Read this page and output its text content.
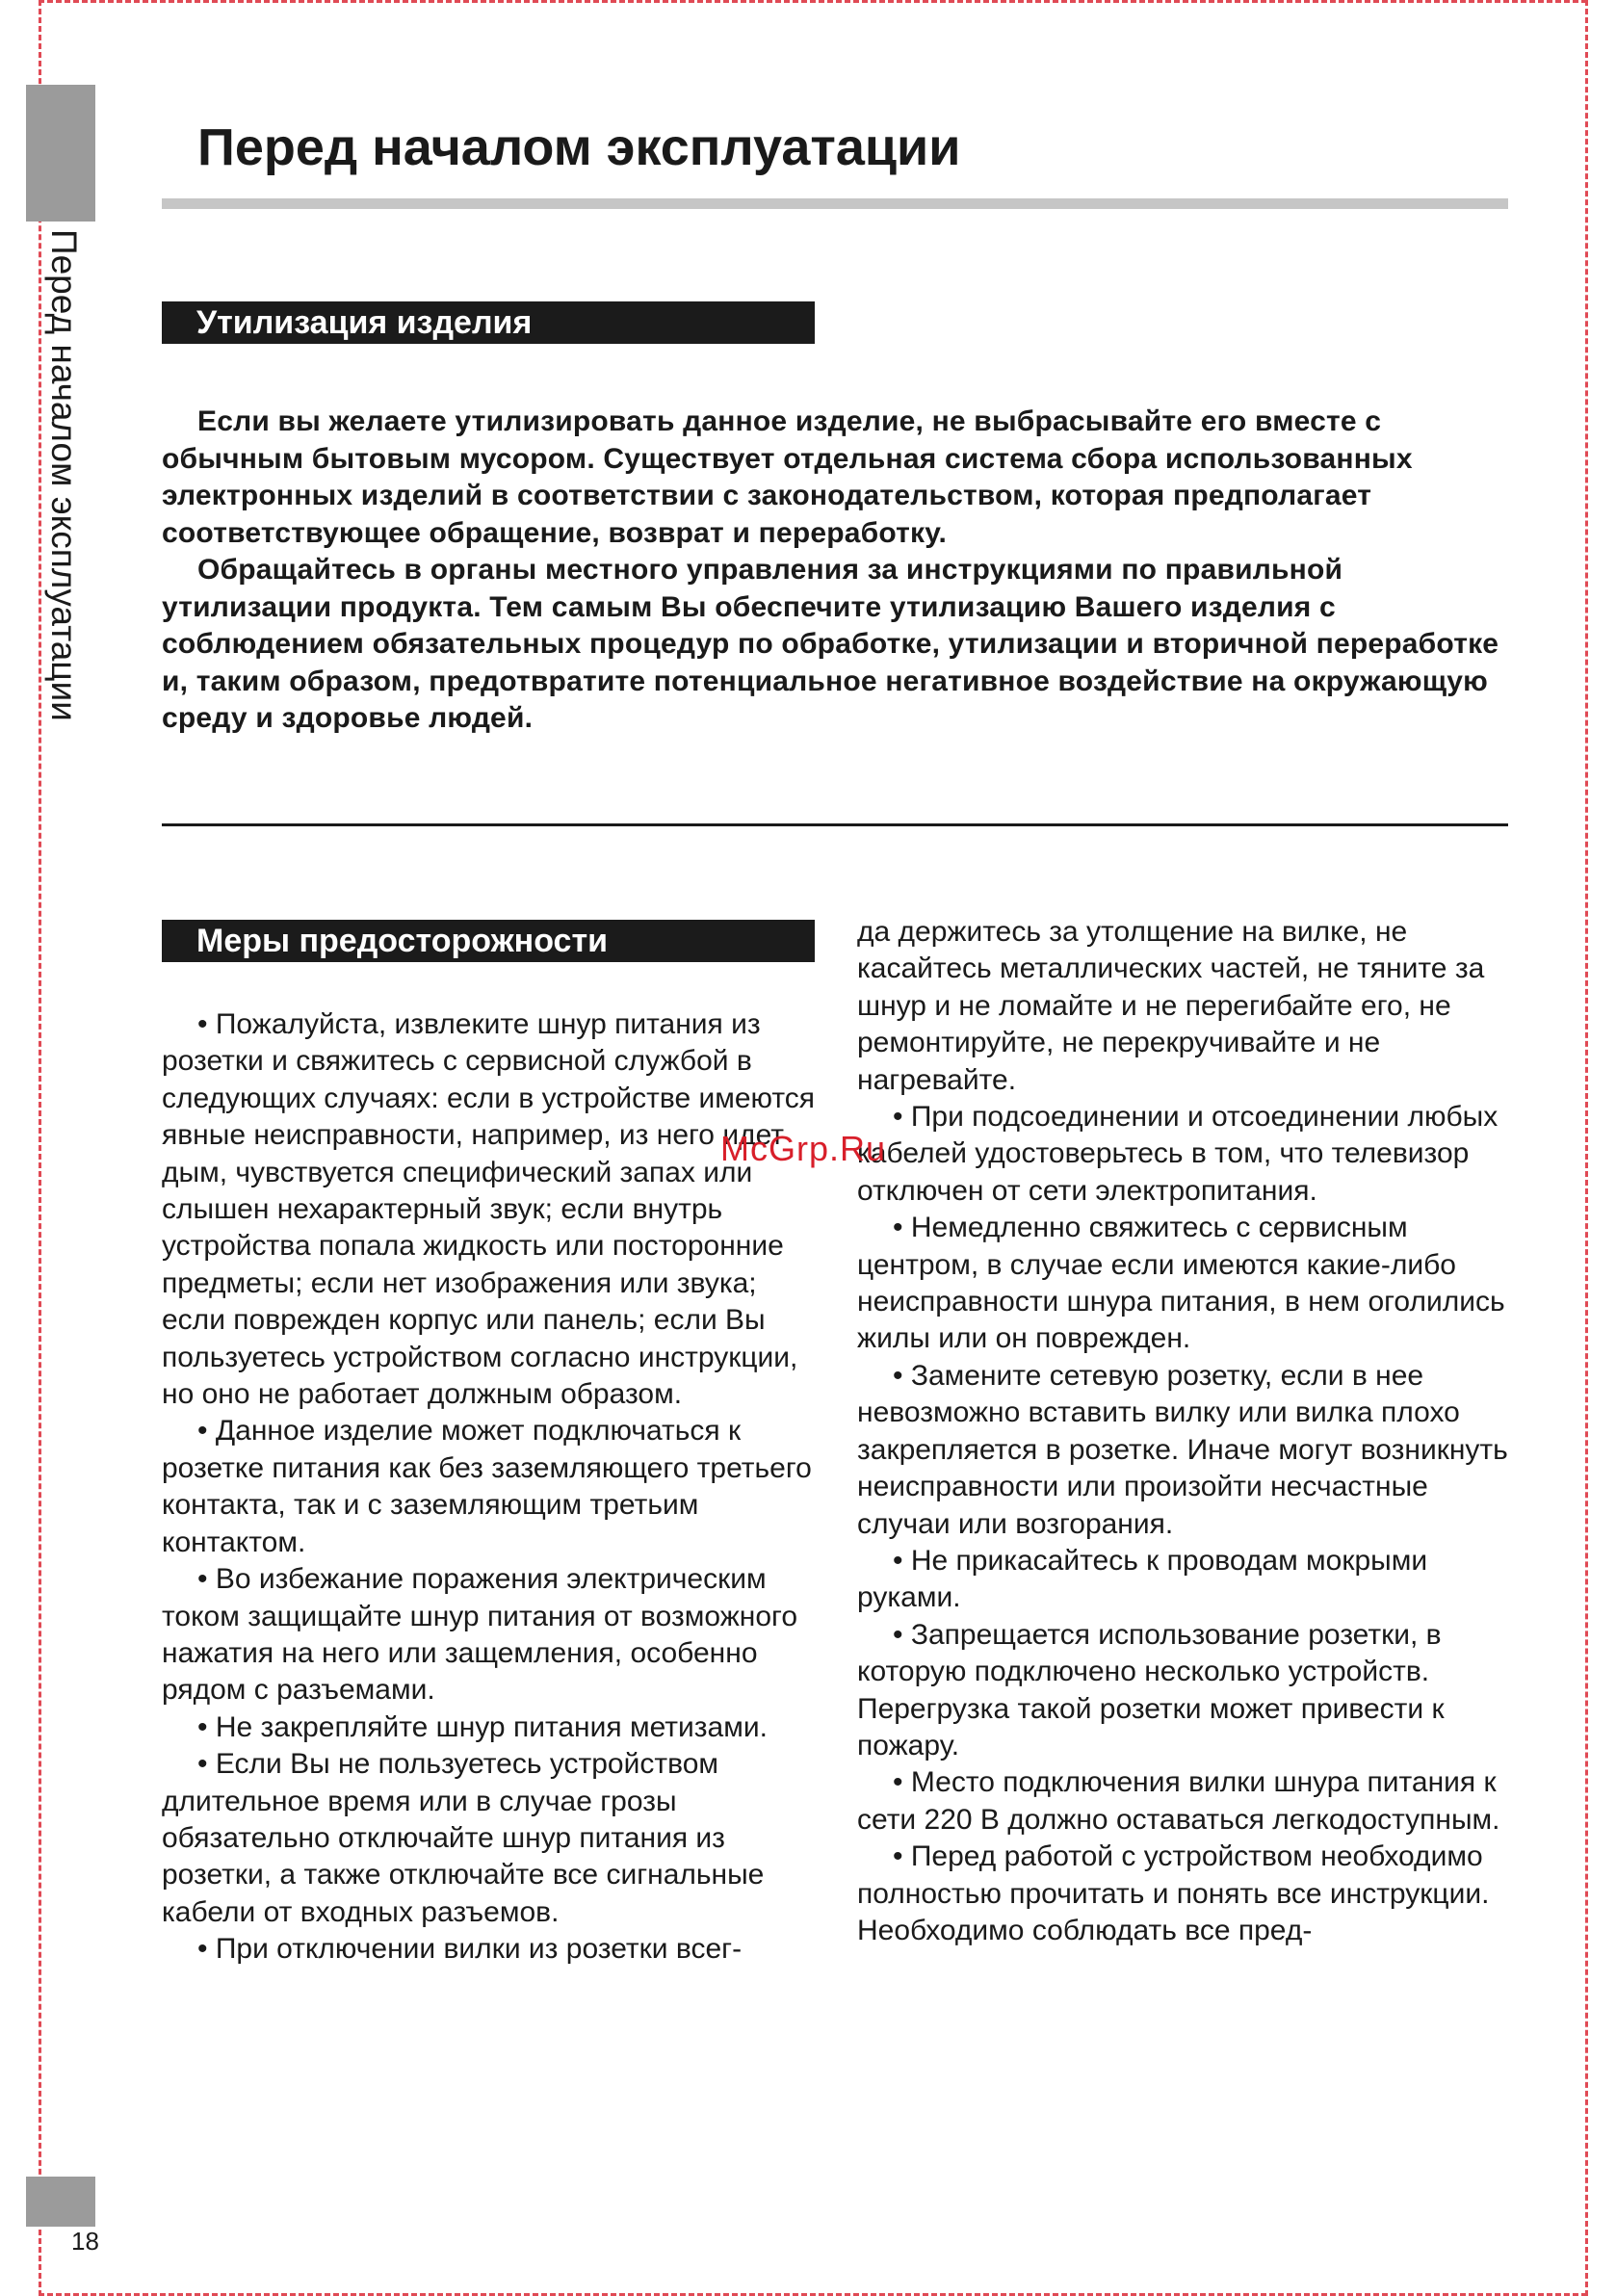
Перед началом эксплуатации
Перед началом эксплуатации
Утилизация изделия

Если вы желаете утилизировать данное изделие, не выбрасывайте его вместе с обычным бытовым мусором. Существует отдельная система сбора использованных электронных изделий в соответствии с законодательством, которая предполагает соответствующее обращение, возврат и переработку.

Обращайтесь в органы местного управления за инструкциями по правильной утилизации продукта. Тем самым Вы обеспечите утилизацию Вашего изделия с соблюдением обязательных процедур по обработке, утилизации и вторичной переработке и, таким образом, предотвратите потенциальное негативное воздействие на окружающую среду и здоровье людей.

Меры предосторожности

• Пожалуйста, извлеките шнур питания из розетки и свяжитесь с сервисной службой в следующих случаях: если в устройстве имеются явные неисправности, например, из него идет дым, чувствуется специфический запах или слышен нехарактерный звук; если внутрь устройства попала жидкость или посторонние предметы; если нет изображения или звука; если поврежден корпус или панель; если Вы пользуетесь устройством согласно инструкции, но оно не работает должным образом.

• Данное изделие может подключаться к розетке питания как без заземляющего третьего контакта, так и с заземляющим третьим контактом.

• Во избежание поражения электрическим током защищайте шнур питания от возможного нажатия на него или защемления, особенно рядом с разъемами.

• Не закрепляйте шнур питания метизами.

• Если Вы не пользуетесь устройством длительное время или в случае грозы обязательно отключайте шнур питания из розетки, а также отключайте все сигнальные кабели от входных разъемов.

• При отключении вилки из розетки всег-

да держитесь за утолщение на вилке, не касайтесь металлических частей, не тяните за шнур и не ломайте и не перегибайте его, не ремонтируйте, не перекручивайте и не нагревайте.

• При подсоединении и отсоединении любых кабелей удостоверьтесь в том, что телевизор отключен от сети электропитания.

• Немедленно свяжитесь с сервисным центром, в случае если имеются какие-либо неисправности шнура питания, в нем оголились жилы или он поврежден.

• Замените сетевую розетку, если в нее невозможно вставить вилку или вилка плохо закрепляется в розетке. Иначе могут возникнуть неисправности или произойти несчастные случаи или возгорания.

• Не прикасайтесь к проводам мокрыми руками.

• Запрещается использование розетки, в которую подключено несколько устройств. Перегрузка такой розетки может привести к пожару.

• Место подключения вилки шнура питания к сети 220 В должно оставаться легкодоступным.

• Перед работой с устройством необходимо полностью прочитать и понять все инструкции. Необходимо соблюдать все пред-

McGrp.Ru
18
